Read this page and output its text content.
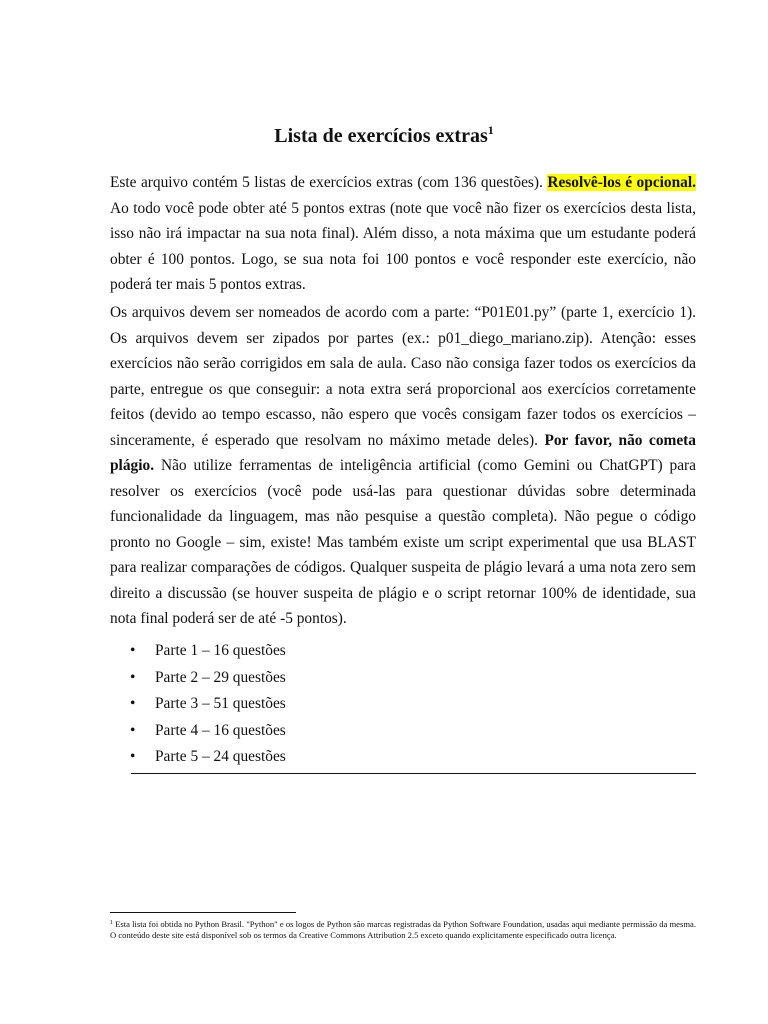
Lista de exercícios extras$^1$

Este arquivo contém 5 listas de exercícios extras (com 136 questões). Resolvê-los é opcional. Ao todo você pode obter até 5 pontos extras (note que você não fizer os exercícios desta lista, isso não irá impactar na sua nota final). Além disso, a nota máxima que um estudante poderá obter é 100 pontos. Logo, se sua nota foi 100 pontos e você responder este exercício, não poderá ter mais 5 pontos extras.

Os arquivos devem ser nomeados de acordo com a parte: “P01E01.py” (parte 1, exercício 1). Os arquivos devem ser zipados por partes (ex.: p01_diego_mariano.zip). Atenção: esses exercícios não serão corrigidos em sala de aula. Caso não consiga fazer todos os exercícios da parte, entregue os que conseguir: a nota extra será proporcional aos exercícios corretamente feitos (devido ao tempo escasso, não espero que vocês consigam fazer todos os exercícios – sinceramente, é esperado que resolvam no máximo metade deles). Por favor, não cometa plágio. Não utilize ferramentas de inteligência artificial (como Gemini ou ChatGPT) para resolver os exercícios (você pode usá-las para questionar dúvidas sobre determinada funcionalidade da linguagem, mas não pesquise a questão completa). Não pegue o código pronto no Google – sim, existe! Mas também existe um script experimental que usa BLAST para realizar comparações de códigos. Qualquer suspeita de plágio levará a uma nota zero sem direito a discussão (se houver suspeita de plágio e o script retornar 100% de identidade, sua nota final poderá ser de até -5 pontos).

• Parte 1 – 16 questões
• Parte 2 – 29 questões
• Parte 3 – 51 questões
• Parte 4 – 16 questões
• Parte 5 – 24 questões

$^1$ Esta lista foi obtida no Python Brasil. "Python" e os logos de Python são marcas registradas da Python Software Foundation, usadas aqui mediante permissão da mesma. O conteúdo deste site está disponível sob os termos da Creative Commons Attribution 2.5 exceto quando explicitamente especificado outra licença.
